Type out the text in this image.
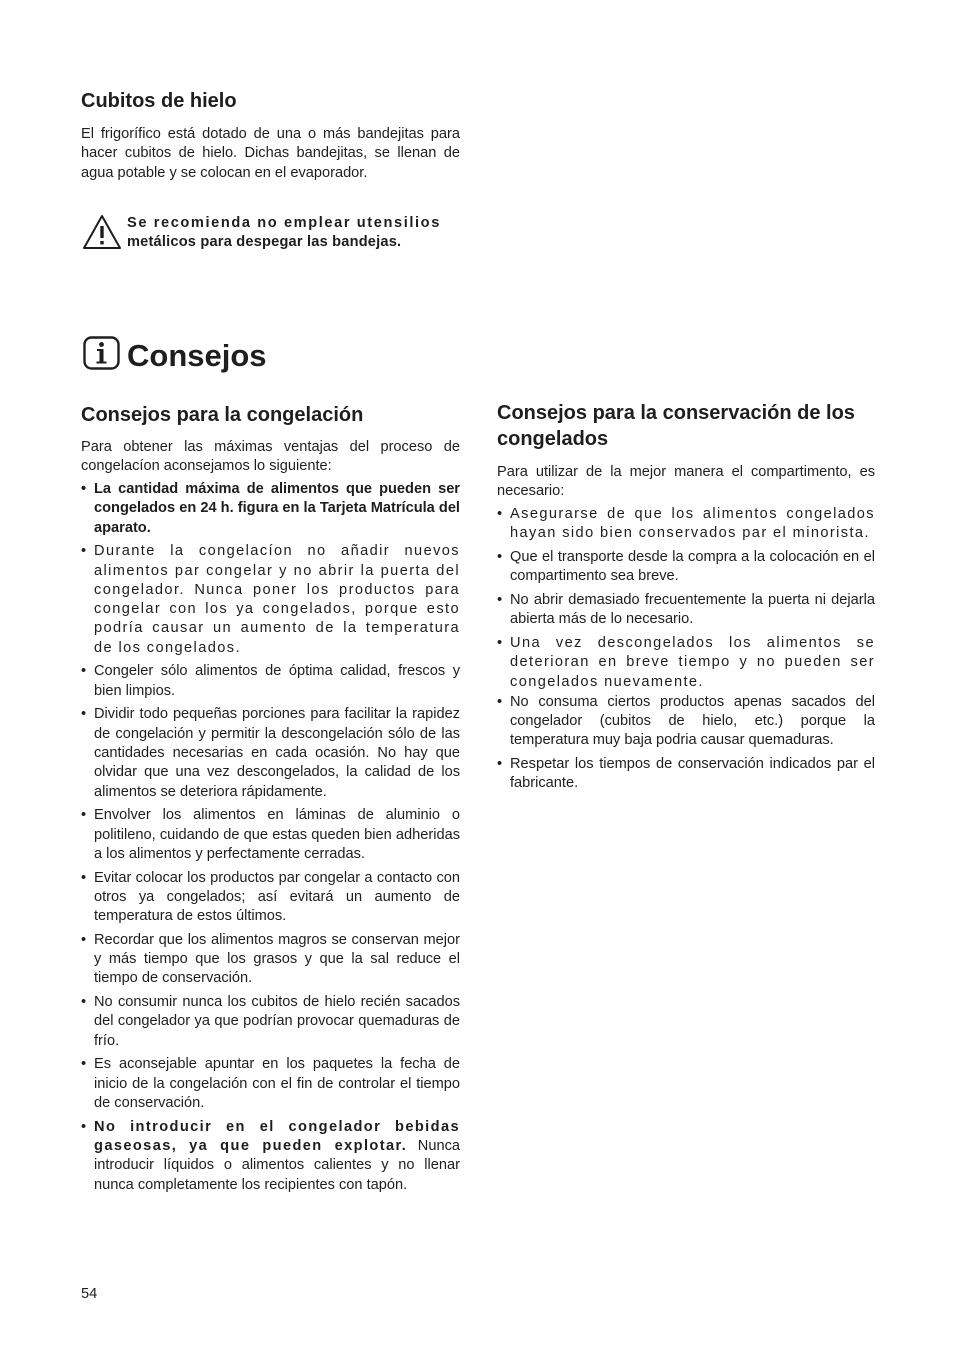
Cubitos de hielo

El frigorífico está dotado de una o más bandejitas para hacer cubitos de hielo. Dichas bandejitas, se llenan de agua potable y se colocan en el evaporador.

Se recomienda no emplear utensilios
metálicos para despegar las bandejas.
Consejos
Consejos para la congelación

Para obtener las máximas ventajas del proceso de congelacíon aconsejamos lo siguiente:

• La cantidad máxima de alimentos que pueden ser congelados en 24 h. figura en la Tarjeta Matrícula del aparato.
• Durante la congelacíon no añadir nuevos alimentos par congelar y no abrir la puerta del congelador. Nunca poner los productos para congelar con los ya congelados, porque esto podría causar un aumento de la temperatura de los congelados.
• Congeler sólo alimentos de óptima calidad, frescos y bien limpios.
• Dividir todo pequeñas porciones para facilitar la rapidez de congelación y permitir la descongelación sólo de las cantidades necesarias en cada ocasión. No hay que olvidar que una vez descongelados, la calidad de los alimentos se deteriora rápidamente.
• Envolver los alimentos en láminas de aluminio o politileno, cuidando de que estas queden bien adheridas a los alimentos y perfectamente cerradas.
• Evitar colocar los productos par congelar a contacto con otros ya congelados; así evitará un aumento de temperatura de estos últimos.
• Recordar que los alimentos magros se conservan mejor y más tiempo que los grasos y que la sal reduce el tiempo de conservación.
• No consumir nunca los cubitos de hielo recién sacados del congelador ya que podrían provocar quemaduras de frío.
• Es aconsejable apuntar en los paquetes la fecha de inicio de la congelación con el fin de controlar el tiempo de conservación.
• No introducir en el congelador bebidas gaseosas, ya que pueden explotar. Nunca introducir líquidos o alimentos calientes y no llenar nunca completamente los recipientes con tapón.
Consejos para la conservación de los congelados

Para utilizar de la mejor manera el compartimento, es necesario:

• Asegurarse de que los alimentos congelados hayan sido bien conservados par el minorista.
• Que el transporte desde la compra a la colocación en el compartimento sea breve.
• No abrir demasiado frecuentemente la puerta ni dejarla abierta más de lo necesario.
• Una vez descongelados los alimentos se deterioran en breve tiempo y no pueden ser congelados nuevamente.
• No consuma ciertos productos apenas sacados del congelador (cubitos de hielo, etc.) porque la temperatura muy baja podria causar quemaduras.
• Respetar los tiempos de conservación indicados par el fabricante.
54
